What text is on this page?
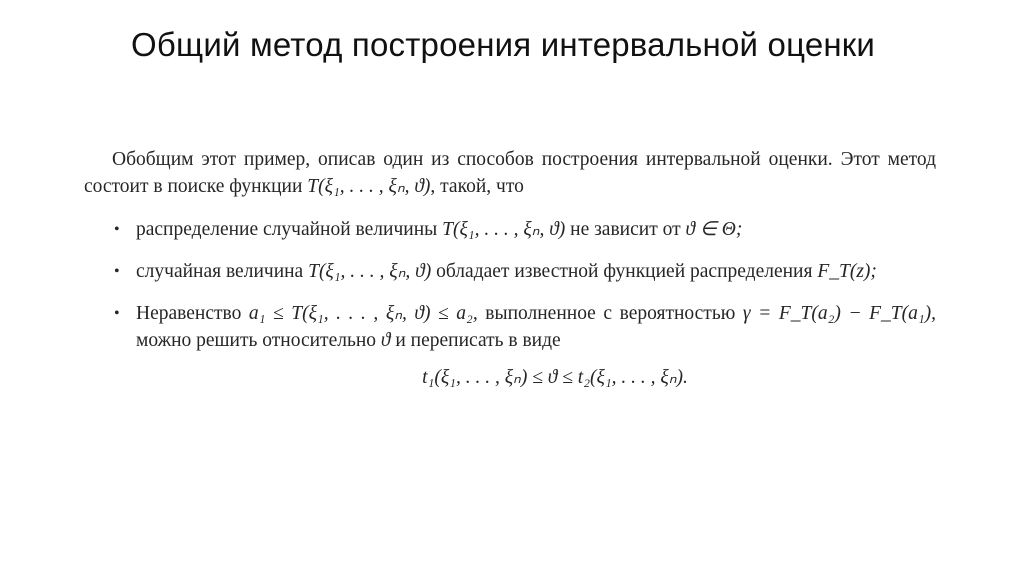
Общий метод построения интервальной оценки

Обобщим этот пример, описав один из способов построения интервальной оценки. Этот метод состоит в поиске функции T(ξ₁, . . . , ξₙ, ϑ), такой, что

• распределение случайной величины T(ξ₁, . . . , ξₙ, ϑ) не зависит от ϑ ∈ Θ;
• случайная величина T(ξ₁, . . . , ξₙ, ϑ) обладает известной функцией распределения F_T(z);
• Неравенство a₁ ≤ T(ξ₁, . . . , ξₙ, ϑ) ≤ a₂, выполненное с вероятностью γ = F_T(a₂) − F_T(a₁), можно решить относительно ϑ и переписать в виде
t₁(ξ₁, . . . , ξₙ) ≤ ϑ ≤ t₂(ξ₁, . . . , ξₙ).
